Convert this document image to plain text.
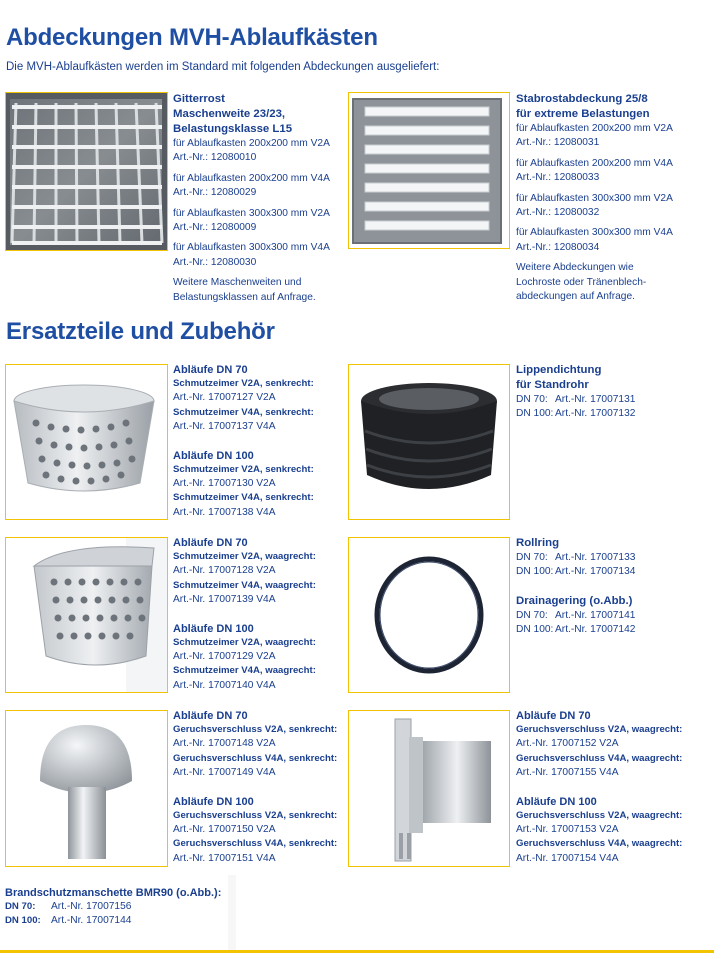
Abdeckungen MVH-Ablaufkästen
Die MVH-Ablaufkästen werden im Standard mit folgenden Abdeckungen ausgeliefert:
Gitterrost
Maschenweite 23/23,
Belastungsklasse L15
für Ablaufkasten 200x200 mm V2A
Art.-Nr.: 12080010
für Ablaufkasten 200x200 mm V4A
Art.-Nr.: 12080029
für Ablaufkasten 300x300 mm V2A
Art.-Nr.: 12080009
für Ablaufkasten 300x300 mm V4A
Art.-Nr.: 12080030
Weitere Maschenweiten und
Belastungsklassen auf Anfrage.
Stabrostabdeckung 25/8
für extreme Belastungen
für Ablaufkasten 200x200 mm V2A
Art.-Nr.: 12080031
für Ablaufkasten 200x200 mm V4A
Art.-Nr.: 12080033
für Ablaufkasten 300x300 mm V2A
Art.-Nr.: 12080032
für Ablaufkasten 300x300 mm V4A
Art.-Nr.: 12080034
Weitere Abdeckungen wie
Lochroste oder Tränenblech-
abdeckungen auf Anfrage.
Ersatzteile und Zubehör
Abläufe DN 70
Schmutzeimer V2A, senkrecht:
Art.-Nr. 17007127 V2A
Schmutzeimer V4A, senkrecht:
Art.-Nr. 17007137 V4A
Abläufe DN 100
Schmutzeimer V2A, senkrecht:
Art.-Nr. 17007130 V2A
Schmutzeimer V4A, senkrecht:
Art.-Nr. 17007138 V4A
Lippendichtung
für Standrohr
DN 70: Art.-Nr. 17007131
DN 100: Art.-Nr. 17007132
Abläufe DN 70
Schmutzeimer V2A, waagrecht:
Art.-Nr. 17007128 V2A
Schmutzeimer V4A, waagrecht:
Art.-Nr. 17007139 V4A
Abläufe DN 100
Schmutzeimer V2A, waagrecht:
Art.-Nr. 17007129 V2A
Schmutzeimer V4A, waagrecht:
Art.-Nr. 17007140 V4A
Rollring
DN 70: Art.-Nr. 17007133
DN 100: Art.-Nr. 17007134
Drainagering (o.Abb.)
DN 70: Art.-Nr. 17007141
DN 100: Art.-Nr. 17007142
Abläufe DN 70
Geruchsverschluss V2A, senkrecht:
Art.-Nr. 17007148 V2A
Geruchsverschluss V4A, senkrecht:
Art.-Nr. 17007149 V4A
Abläufe DN 100
Geruchsverschluss V2A, senkrecht:
Art.-Nr. 17007150 V2A
Geruchsverschluss V4A, senkrecht:
Art.-Nr. 17007151 V4A
Abläufe DN 70
Geruchsverschluss V2A, waagrecht:
Art.-Nr. 17007152 V2A
Geruchsverschluss V4A, waagrecht:
Art.-Nr. 17007155 V4A
Abläufe DN 100
Geruchsverschluss V2A, waagrecht:
Art.-Nr. 17007153 V2A
Geruchsverschluss V4A, waagrecht:
Art.-Nr. 17007154 V4A
Brandschutzmanschette BMR90 (o.Abb.):
DN 70:	Art.-Nr. 17007156
DN 100:	Art.-Nr. 17007144
